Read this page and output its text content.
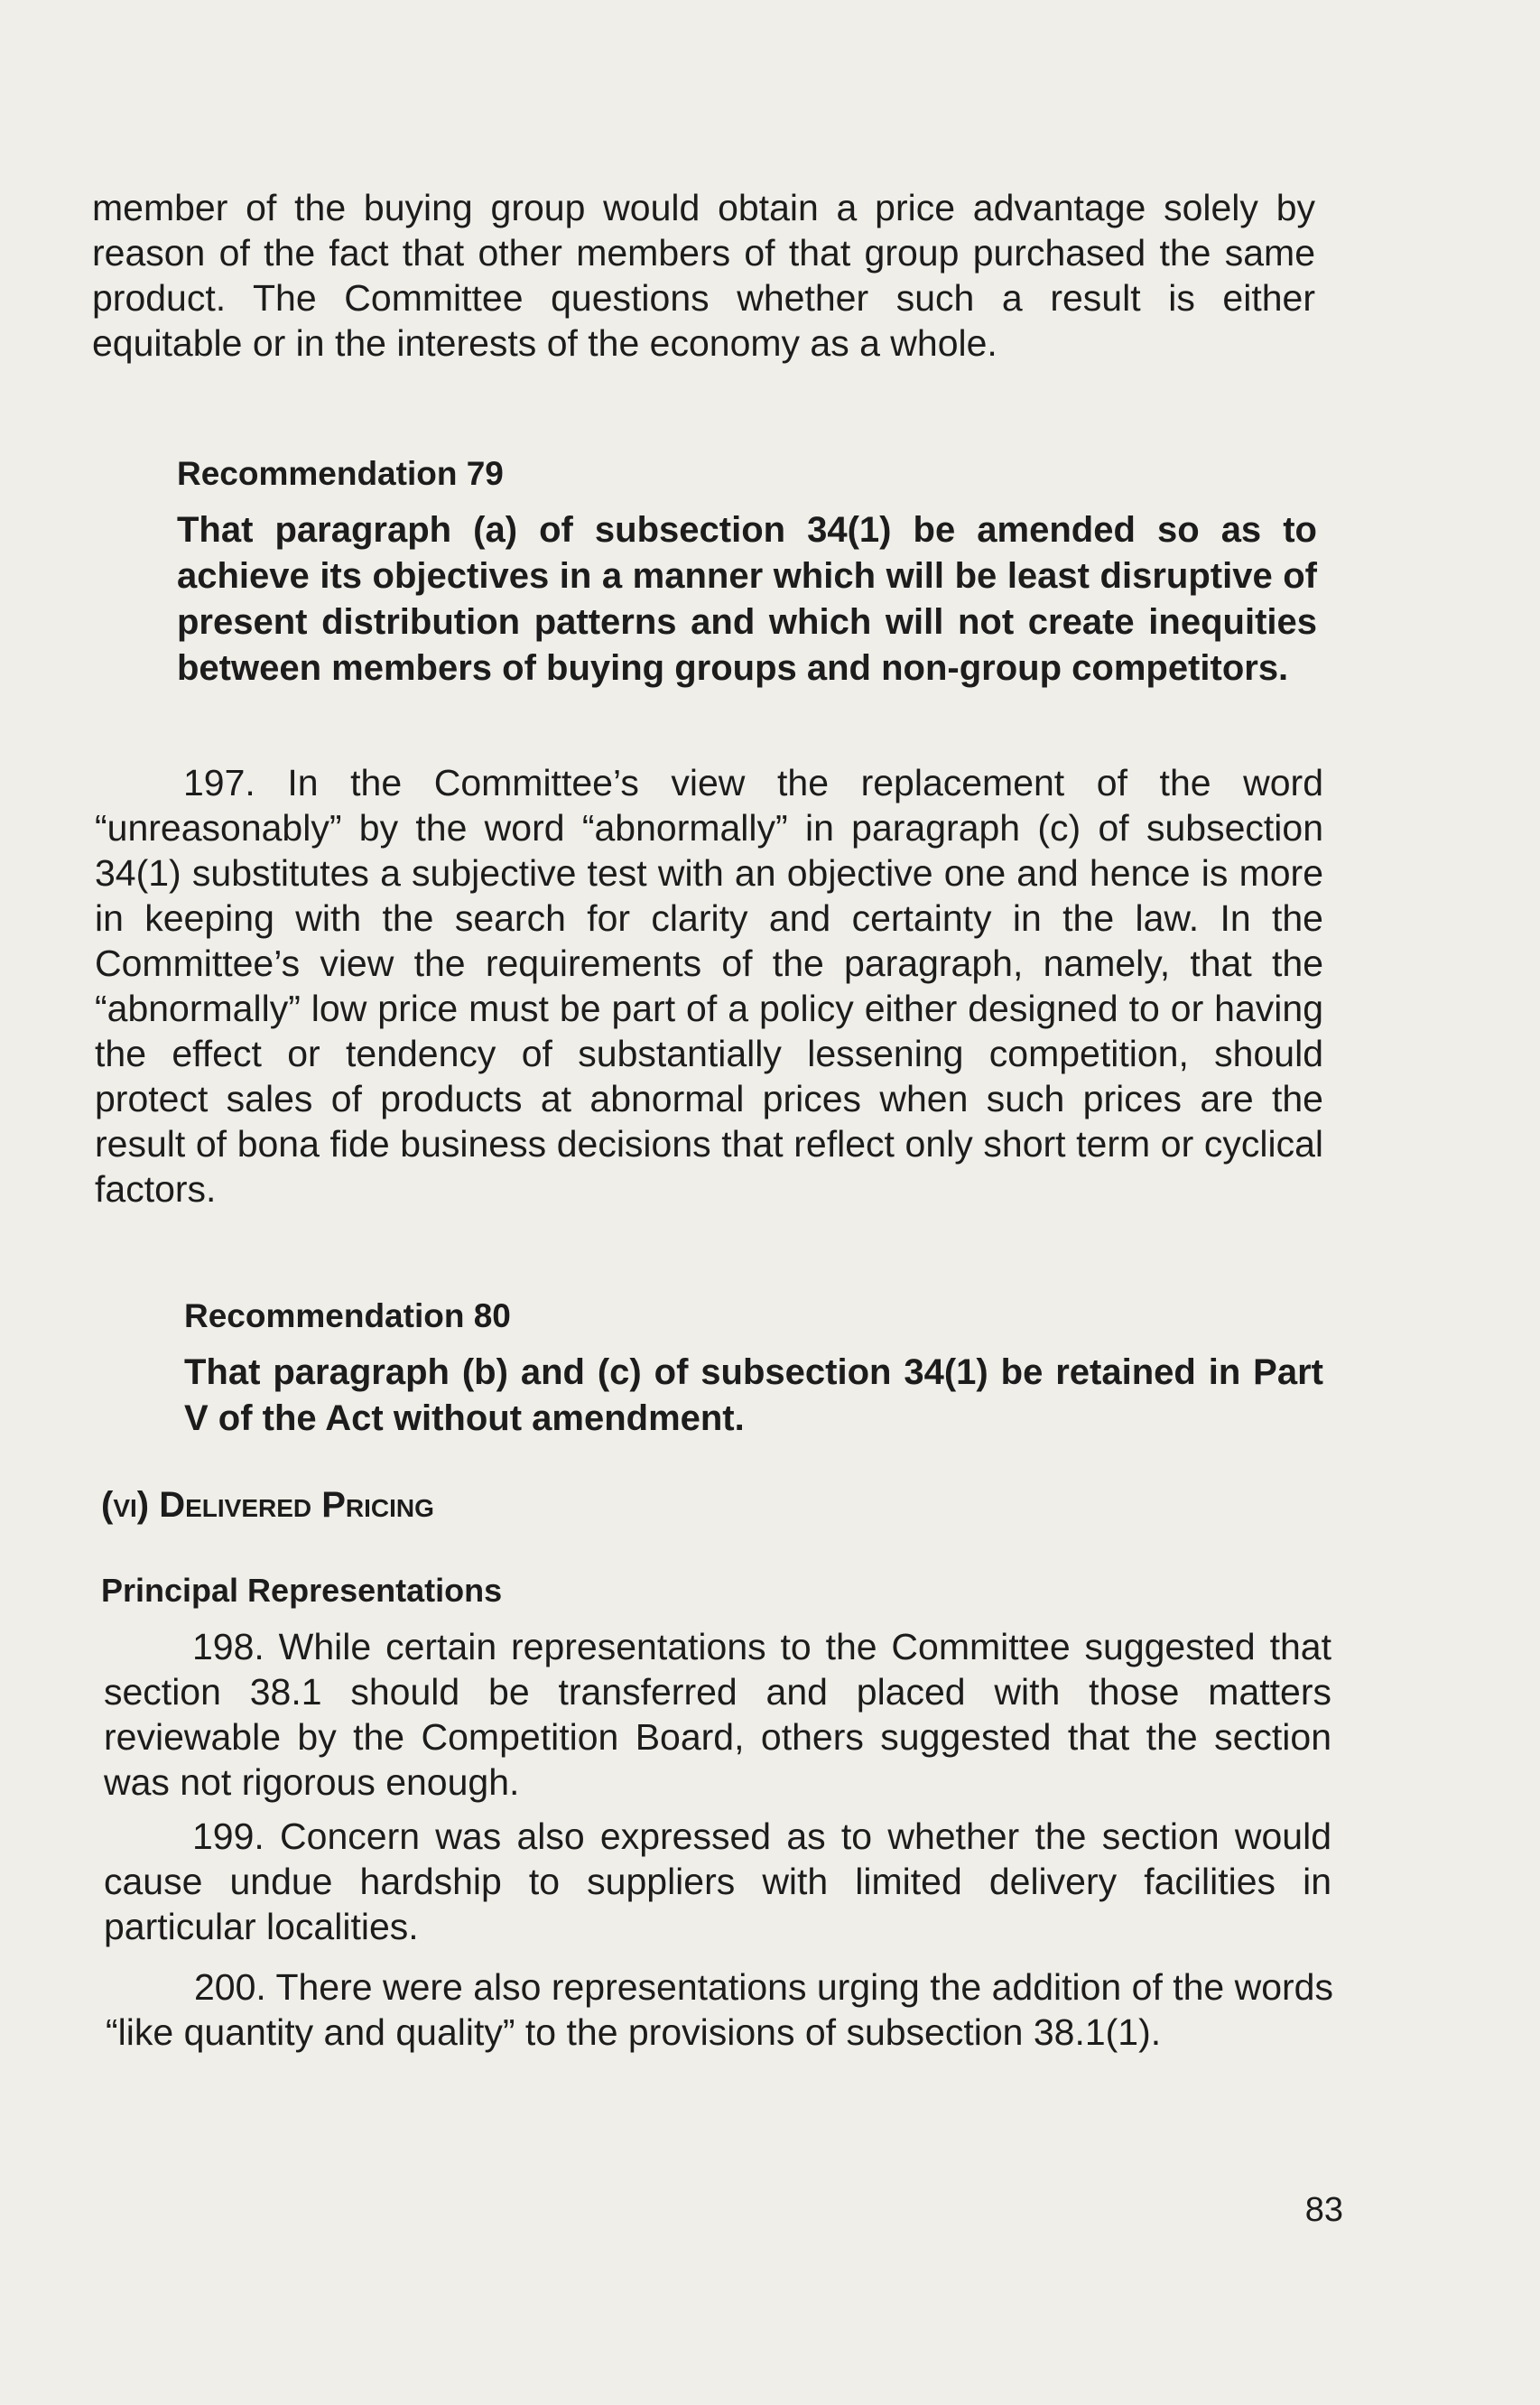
member of the buying group would obtain a price advantage solely by reason of the fact that other members of that group purchased the same product. The Committee questions whether such a result is either equitable or in the interests of the economy as a whole.

Recommendation 79

That paragraph (a) of subsection 34(1) be amended so as to achieve its objectives in a manner which will be least disruptive of present distribution patterns and which will not create inequities between members of buying groups and non-group competitors.

197. In the Committee’s view the replacement of the word “unreasonably” by the word “abnormally” in paragraph (c) of subsection 34(1) substitutes a subjective test with an objective one and hence is more in keeping with the search for clarity and certainty in the law. In the Committee’s view the requirements of the paragraph, namely, that the “abnormally” low price must be part of a policy either designed to or having the effect or tendency of substantially lessening competition, should protect sales of products at abnormal prices when such prices are the result of bona fide business decisions that reflect only short term or cyclical factors.

Recommendation 80

That paragraph (b) and (c) of subsection 34(1) be retained in Part V of the Act without amendment.

(vi) Delivered Pricing

Principal Representations

198. While certain representations to the Committee suggested that section 38.1 should be transferred and placed with those matters reviewable by the Competition Board, others suggested that the section was not rigorous enough.

199. Concern was also expressed as to whether the section would cause undue hardship to suppliers with limited delivery facilities in particular localities.

200. There were also representations urging the addition of the words “like quantity and quality” to the provisions of subsection 38.1(1).

83
